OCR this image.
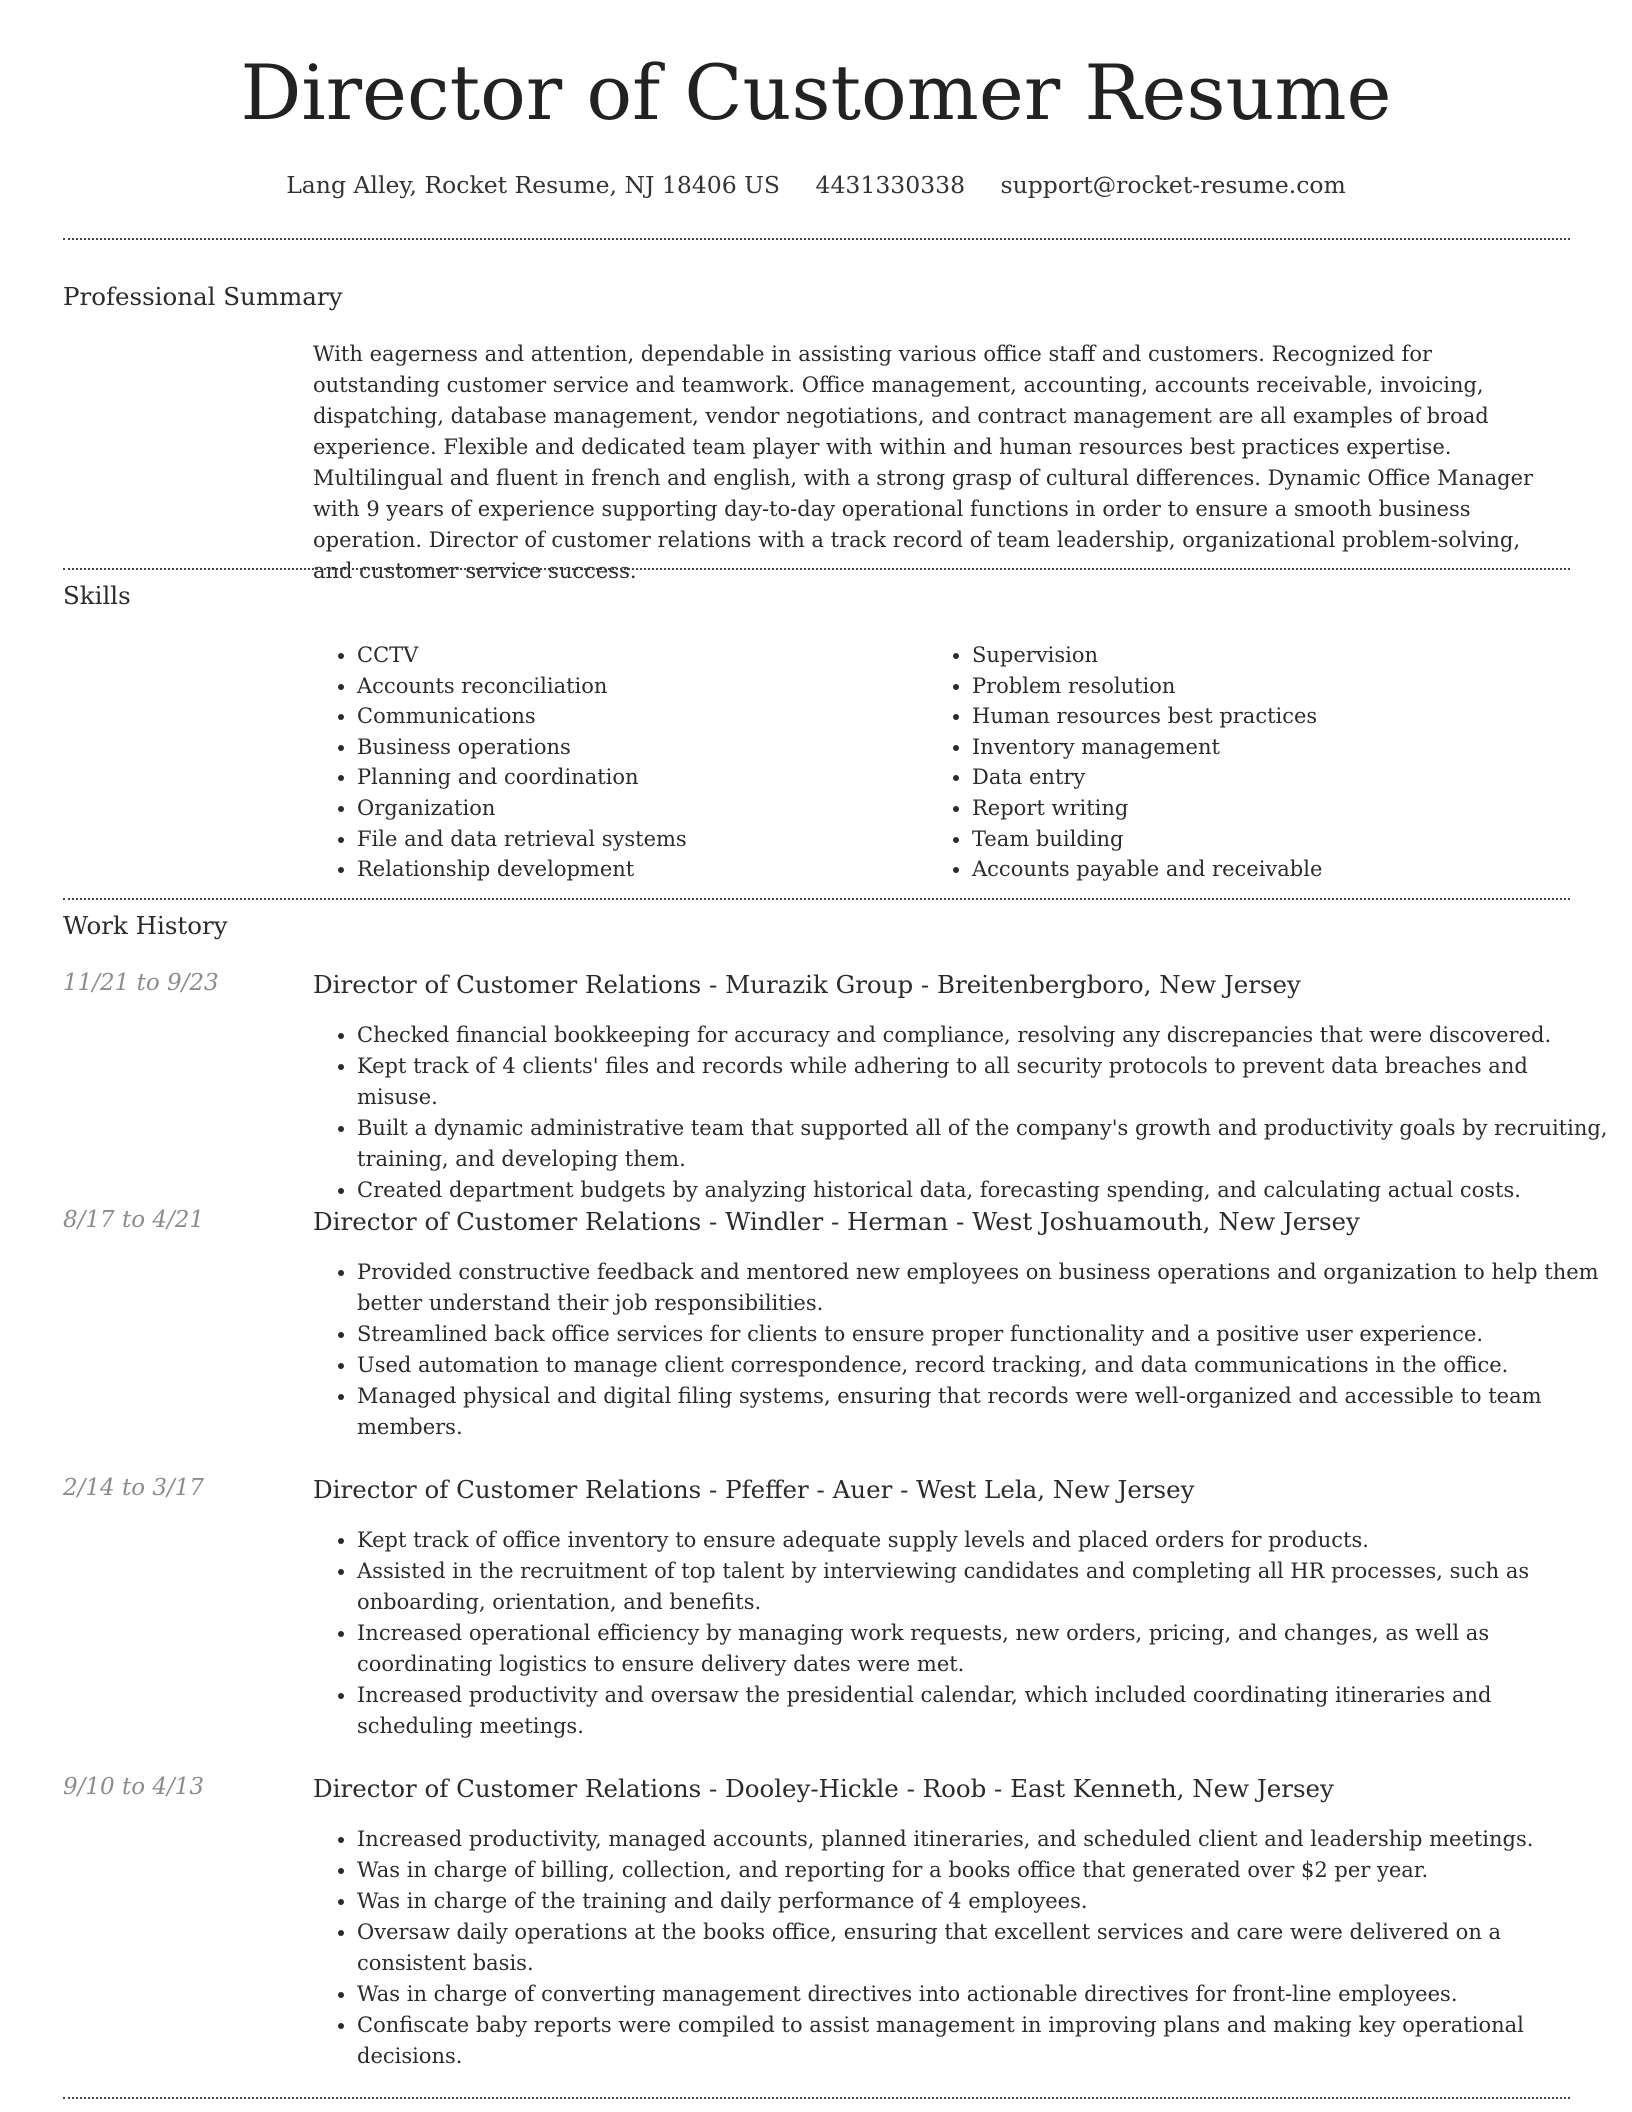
Director of Customer Resume
Lang Alley, Rocket Resume, NJ 18406 US 4431330338 support@rocket-resume.com
Professional Summary

With eagerness and attention, dependable in assisting various office staff and customers. Recognized for outstanding customer service and teamwork. Office management, accounting, accounts receivable, invoicing, dispatching, database management, vendor negotiations, and contract management are all examples of broad experience. Flexible and dedicated team player with within and human resources best practices expertise. Multilingual and fluent in french and english, with a strong grasp of cultural differences. Dynamic Office Manager with 9 years of experience supporting day-to-day operational functions in order to ensure a smooth business operation. Director of customer relations with a track record of team leadership, organizational problem-solving, and customer service success.

Skills
• CCTV
• Accounts reconciliation
• Communications
• Business operations
• Planning and coordination
• Organization
• File and data retrieval systems
• Relationship development
• Supervision
• Problem resolution
• Human resources best practices
• Inventory management
• Data entry
• Report writing
• Team building
• Accounts payable and receivable
Work History
11/21 to 9/23	Director of Customer Relations - Murazik Group - Breitenbergboro, New Jersey
• Checked financial bookkeeping for accuracy and compliance, resolving any discrepancies that were discovered.
• Kept track of 4 clients' files and records while adhering to all security protocols to prevent data breaches and misuse.
• Built a dynamic administrative team that supported all of the company's growth and productivity goals by recruiting, training, and developing them.
• Created department budgets by analyzing historical data, forecasting spending, and calculating actual costs.
8/17 to 4/21	Director of Customer Relations - Windler - Herman - West Joshuamouth, New Jersey
• Provided constructive feedback and mentored new employees on business operations and organization to help them better understand their job responsibilities.
• Streamlined back office services for clients to ensure proper functionality and a positive user experience.
• Used automation to manage client correspondence, record tracking, and data communications in the office.
• Managed physical and digital filing systems, ensuring that records were well-organized and accessible to team members.
2/14 to 3/17	Director of Customer Relations - Pfeffer - Auer - West Lela, New Jersey
• Kept track of office inventory to ensure adequate supply levels and placed orders for products.
• Assisted in the recruitment of top talent by interviewing candidates and completing all HR processes, such as onboarding, orientation, and benefits.
• Increased operational efficiency by managing work requests, new orders, pricing, and changes, as well as coordinating logistics to ensure delivery dates were met.
• Increased productivity and oversaw the presidential calendar, which included coordinating itineraries and scheduling meetings.
9/10 to 4/13	Director of Customer Relations - Dooley-Hickle - Roob - East Kenneth, New Jersey
• Increased productivity, managed accounts, planned itineraries, and scheduled client and leadership meetings.
• Was in charge of billing, collection, and reporting for a books office that generated over $2 per year.
• Was in charge of the training and daily performance of 4 employees.
• Oversaw daily operations at the books office, ensuring that excellent services and care were delivered on a consistent basis.
• Was in charge of converting management directives into actionable directives for front-line employees.
• Confiscate baby reports were compiled to assist management in improving plans and making key operational decisions.
